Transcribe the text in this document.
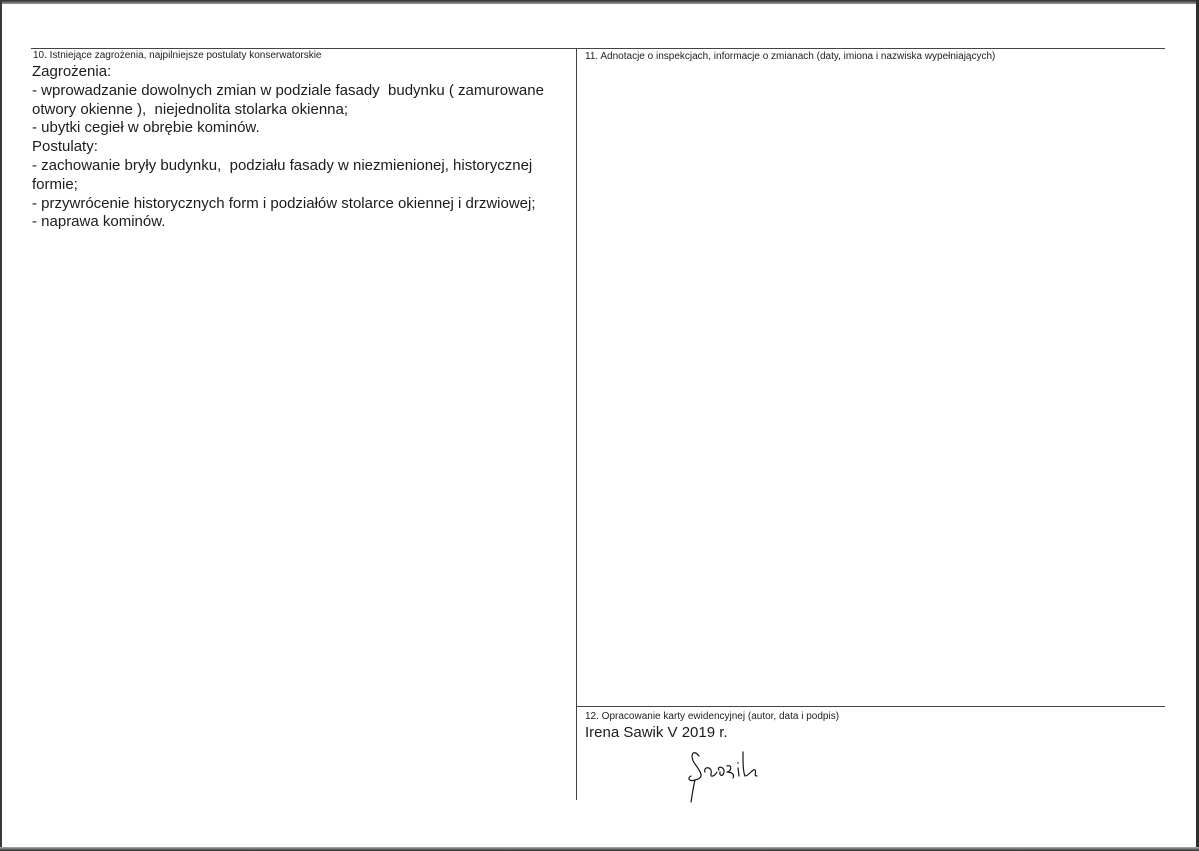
10. Istniejące zagrożenia, najpilniejsze postulaty konserwatorskie
Zagrożenia:
- wprowadzanie dowolnych zmian w podziale fasady  budynku ( zamurowane otwory okienne ),  niejednolita stolarka okienna;
- ubytki cegieł w obrębie kominów.
Postulaty:
- zachowanie bryły budynku,  podziału fasady w niezmienionej, historycznej formie;
- przywrócenie historycznych form i podziałów stolarce okiennej i drzwiowej;
- naprawa kominów.
11. Adnotacje o inspekcjach, informacje o zmianach (daty, imiona i nazwiska wypełniających)
12. Opracowanie karty ewidencyjnej (autor, data i podpis)
Irena Sawik V 2019 r.
